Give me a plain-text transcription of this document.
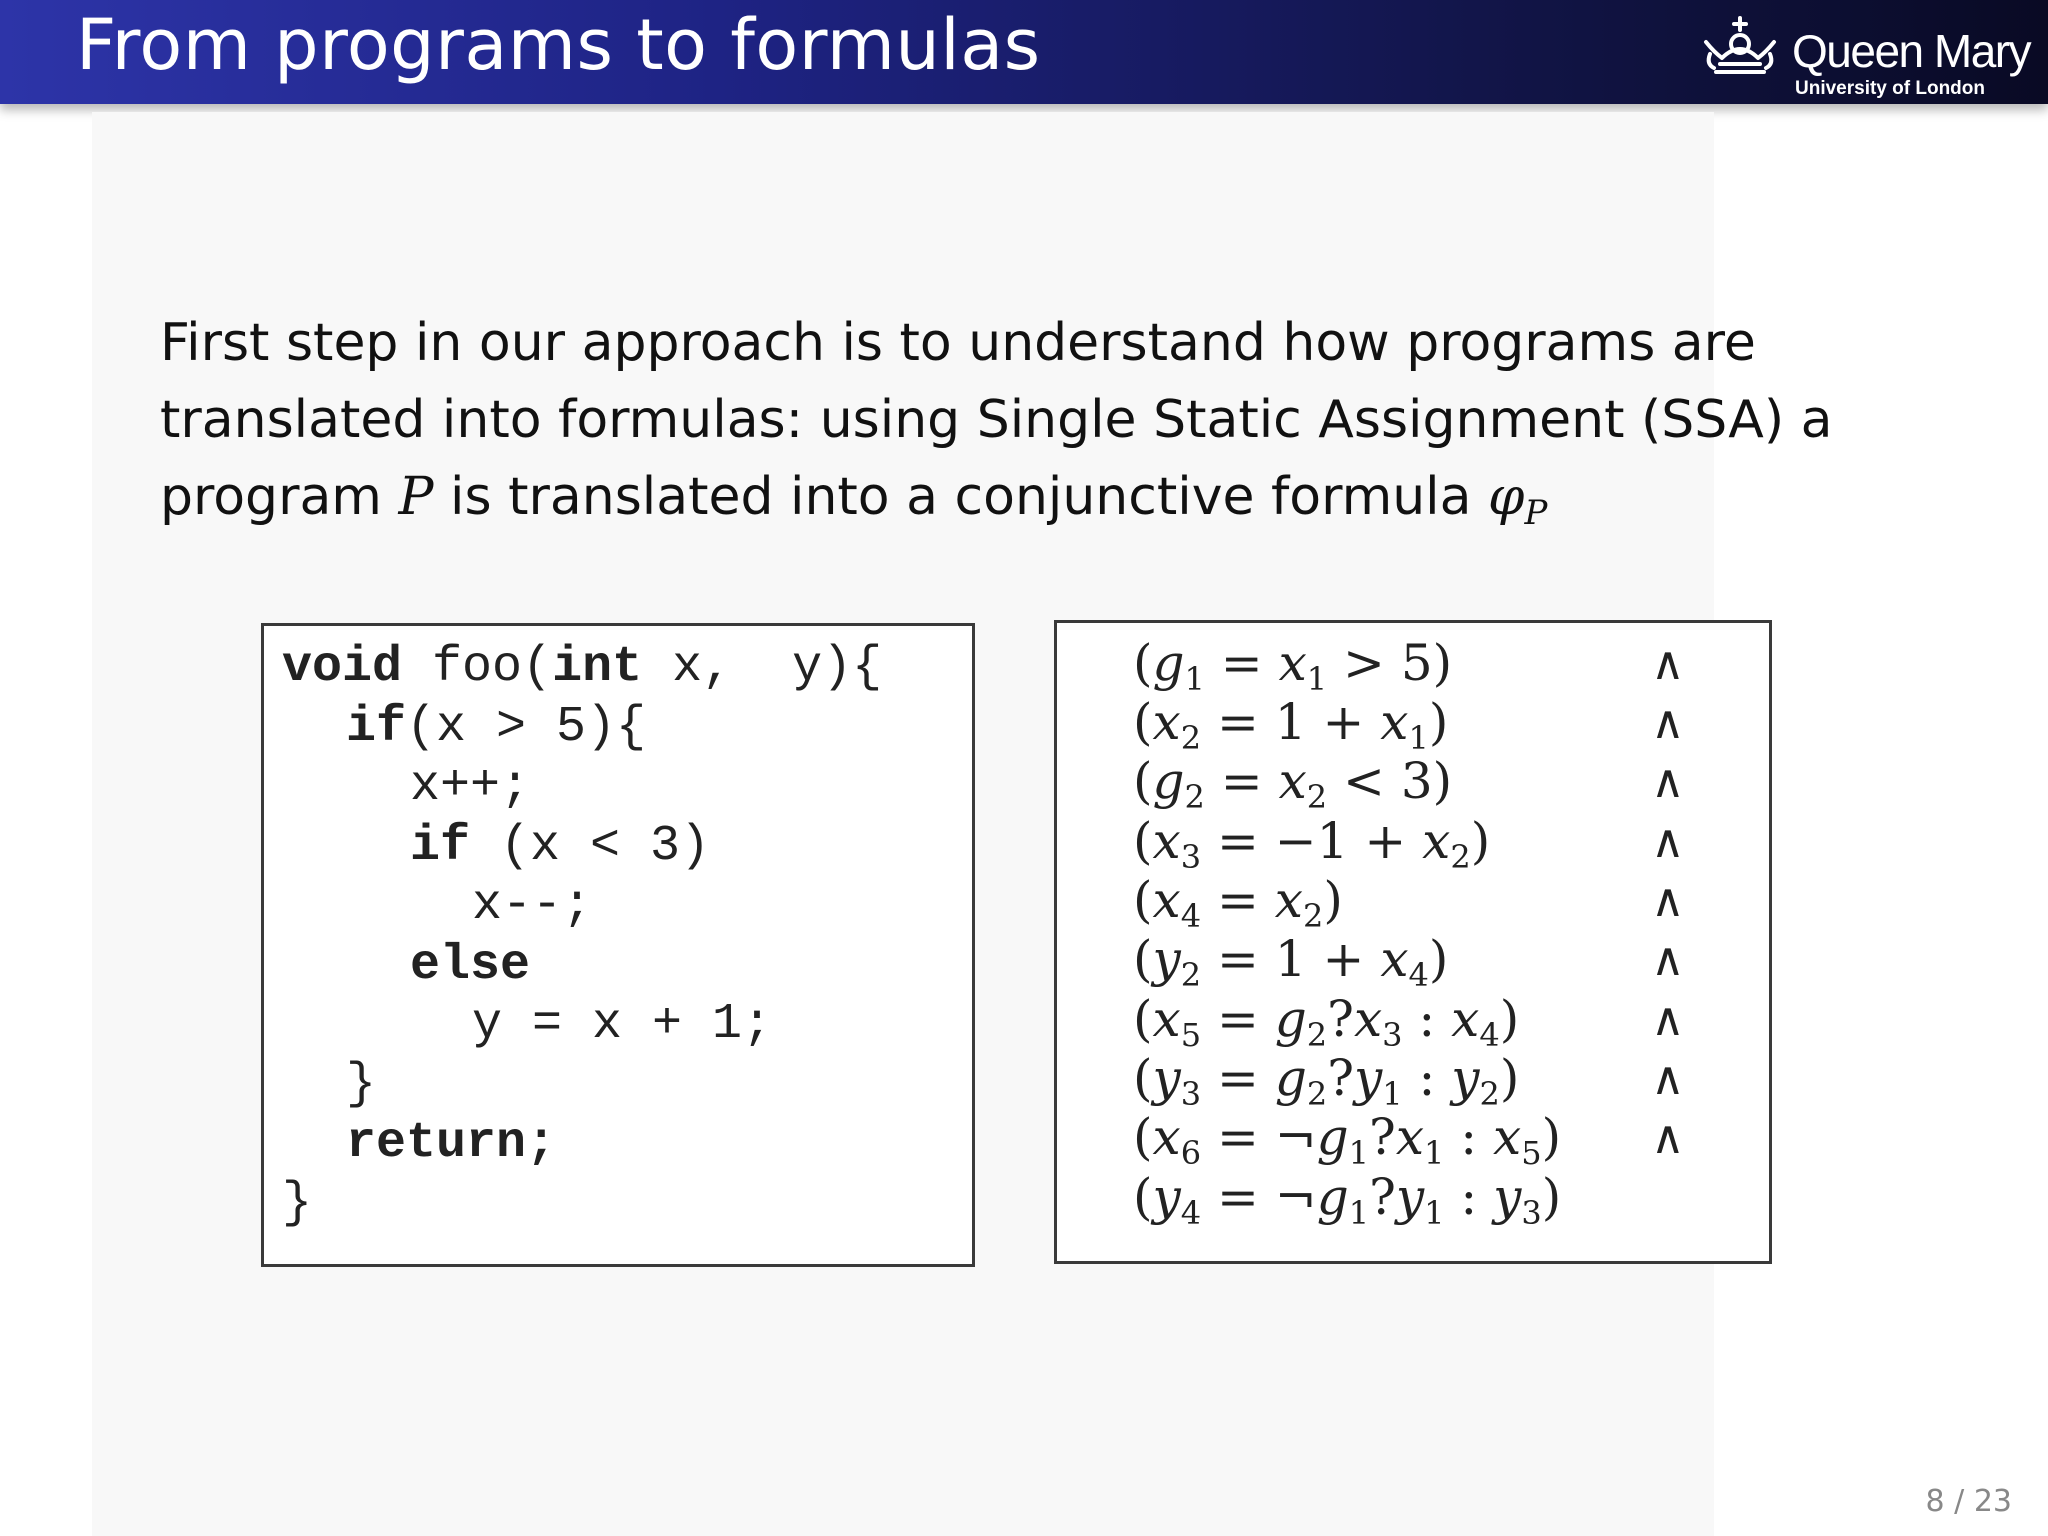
From programs to formulas	Queen Mary
University of London
First step in our approach is to understand how programs are
translated into formulas: using Single Static Assignment (SSA) a
program P is translated into a conjunctive formula $\varphi_P$
void foo(int x,  y){
if(x > 5){
x++;
if (x < 3)
x--;
else
y = x + 1;
}
return;
}
$(g_1 = x_1 > 5)$	∧
$(x_2 = 1 + x_1)$	∧
$(g_2 = x_2 < 3)$	∧
$(x_3 = -1 + x_2)$	∧
$(x_4 = x_2)$	∧
$(y_2 = 1 + x_4)$	∧
($x_5$ = $g_2?x_3$ : $x_4$)	∧
($y_3$ = $g_2?y_1$ : $y_2$)	∧
($x_6$ = $\neg g_1?x_1$ : $x_5$) ∧
($y_4$ = $\neg g_1?y_1$ : $y_3$)
8 / 23
